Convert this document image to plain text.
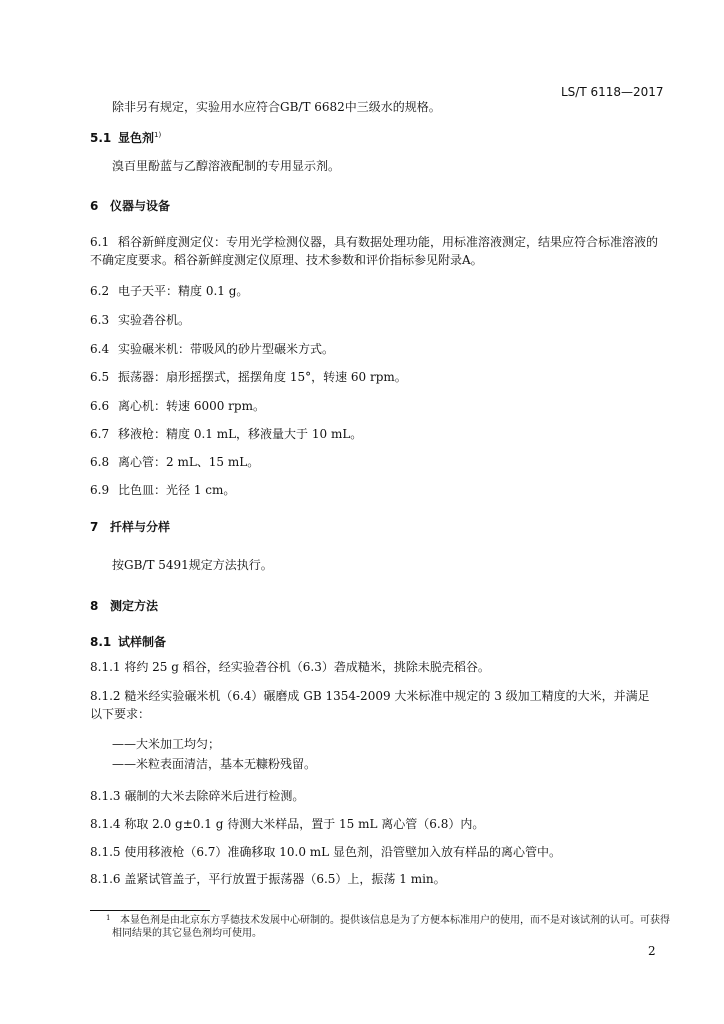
LS/T 6118—2017
除非另有规定，实验用水应符合GB/T 6682中三级水的规格。
5.1 显色剂$^{1)}$
溴百里酚蓝与乙醇溶液配制的专用显示剂。
6 仪器与设备
6.1 稻谷新鲜度测定仪：专用光学检测仪器，具有数据处理功能，用标准溶液测定，结果应符合标准溶液的不确定度要求。稻谷新鲜度测定仪原理、技术参数和评价指标参见附录A。
6.2 电子天平：精度 0.1 g。
6.3 实验砻谷机。
6.4 实验碾米机：带吸风的砂片型碾米方式。
6.5 振荡器：扇形摇摆式，摇摆角度 15°，转速 60 rpm。
6.6 离心机：转速 6000 rpm。
6.7 移液枪：精度 0.1 mL，移液量大于 10 mL。
6.8 离心管：2 mL、15 mL。
6.9 比色皿：光径 1 cm。
7 扦样与分样
按GB/T 5491规定方法执行。
8 测定方法
8.1 试样制备
8.1.1 将约 25 g 稻谷，经实验砻谷机（6.3）砻成糙米，挑除未脱壳稻谷。
8.1.2 糙米经实验碾米机（6.4）碾磨成 GB 1354-2009 大米标准中规定的 3 级加工精度的大米，并满足以下要求：
——大米加工均匀；
——米粒表面清洁，基本无糠粉残留。
8.1.3 碾制的大米去除碎米后进行检测。
8.1.4 称取 2.0 g±0.1 g 待测大米样品，置于 15 mL 离心管（6.8）内。
8.1.5 使用移液枪（6.7）准确移取 10.0 mL 显色剂，沿管壁加入放有样品的离心管中。
8.1.6 盖紧试管盖子，平行放置于振荡器（6.5）上，振荡 1 min。
1 本显色剂是由北京东方孚德技术发展中心研制的。提供该信息是为了方便本标准用户的使用，而不是对该试剂的认可。可获得相同结果的其它显色剂均可使用。
2
